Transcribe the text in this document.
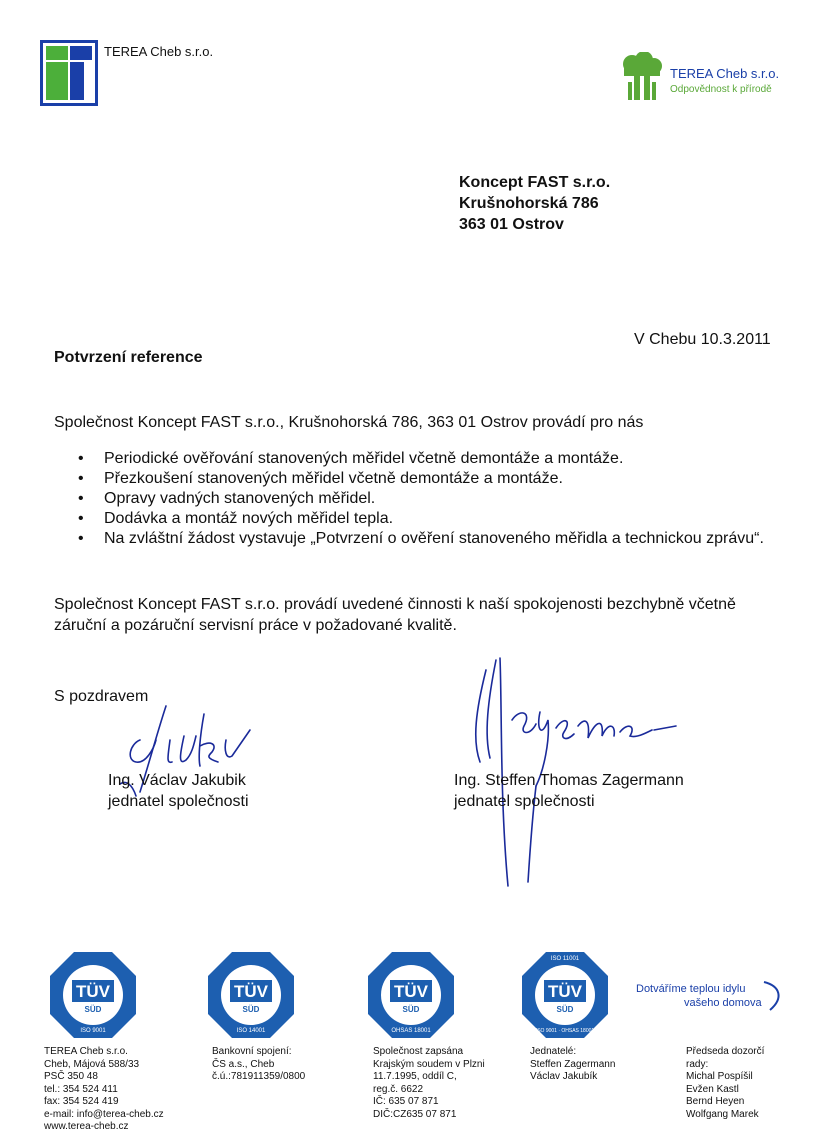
TEREA Cheb s.r.o.
TEREA Cheb s.r.o.
Odpovědnost k přírodě
Koncept FAST s.r.o.
Krušnohorská 786
363 01 Ostrov
V Chebu 10.3.2011
Potvrzení reference
Společnost Koncept FAST s.r.o., Krušnohorská 786, 363 01 Ostrov provádí pro nás
• Periodické ověřování stanovených měřidel včetně demontáže a montáže.
• Přezkoušení stanovených měřidel včetně demontáže a montáže.
• Opravy vadných stanovených měřidel.
• Dodávka a montáž nových měřidel tepla.
• Na zvláštní žádost vystavuje „Potvrzení o ověření stanoveného měřidla a technickou zprávu“.
Společnost Koncept FAST s.r.o. provádí uvedené činnosti k naší spokojenosti bezchybně včetně záruční a pozáruční servisní práce v požadované kvalitě.
S pozdravem
Ing. Václav Jakubik
jednatel společnosti
Ing. Steffen Thomas Zagermann
jednatel společnosti
TÜV
SÜD
ISO 9001
TÜV
SÜD
ISO 14001
TÜV
SÜD
OHSAS 18001
TÜV
SÜD
ISO 11001
ISO 9001 · OHSAS 18001
Dotváříme teplou idylu
vašeho domova
TEREA Cheb s.r.o.
Cheb, Májová 588/33
PSČ 350 48
tel.: 354 524 411
fax: 354 524 419
e-mail: info@terea-cheb.cz
www.terea-cheb.cz
Bankovní spojení:
ČS a.s., Cheb
č.ú.:781911359/0800
Společnost zapsána
Krajským soudem v Plzni
11.7.1995, oddíl C,
reg.č. 6622
IČ: 635 07 871
DIČ:CZ635 07 871
Jednatelé:
Steffen Zagermann
Václav Jakubík
Předseda dozorčí
rady:
Michal Pospíšil
Evžen Kastl
Bernd Heyen
Wolfgang Marek
